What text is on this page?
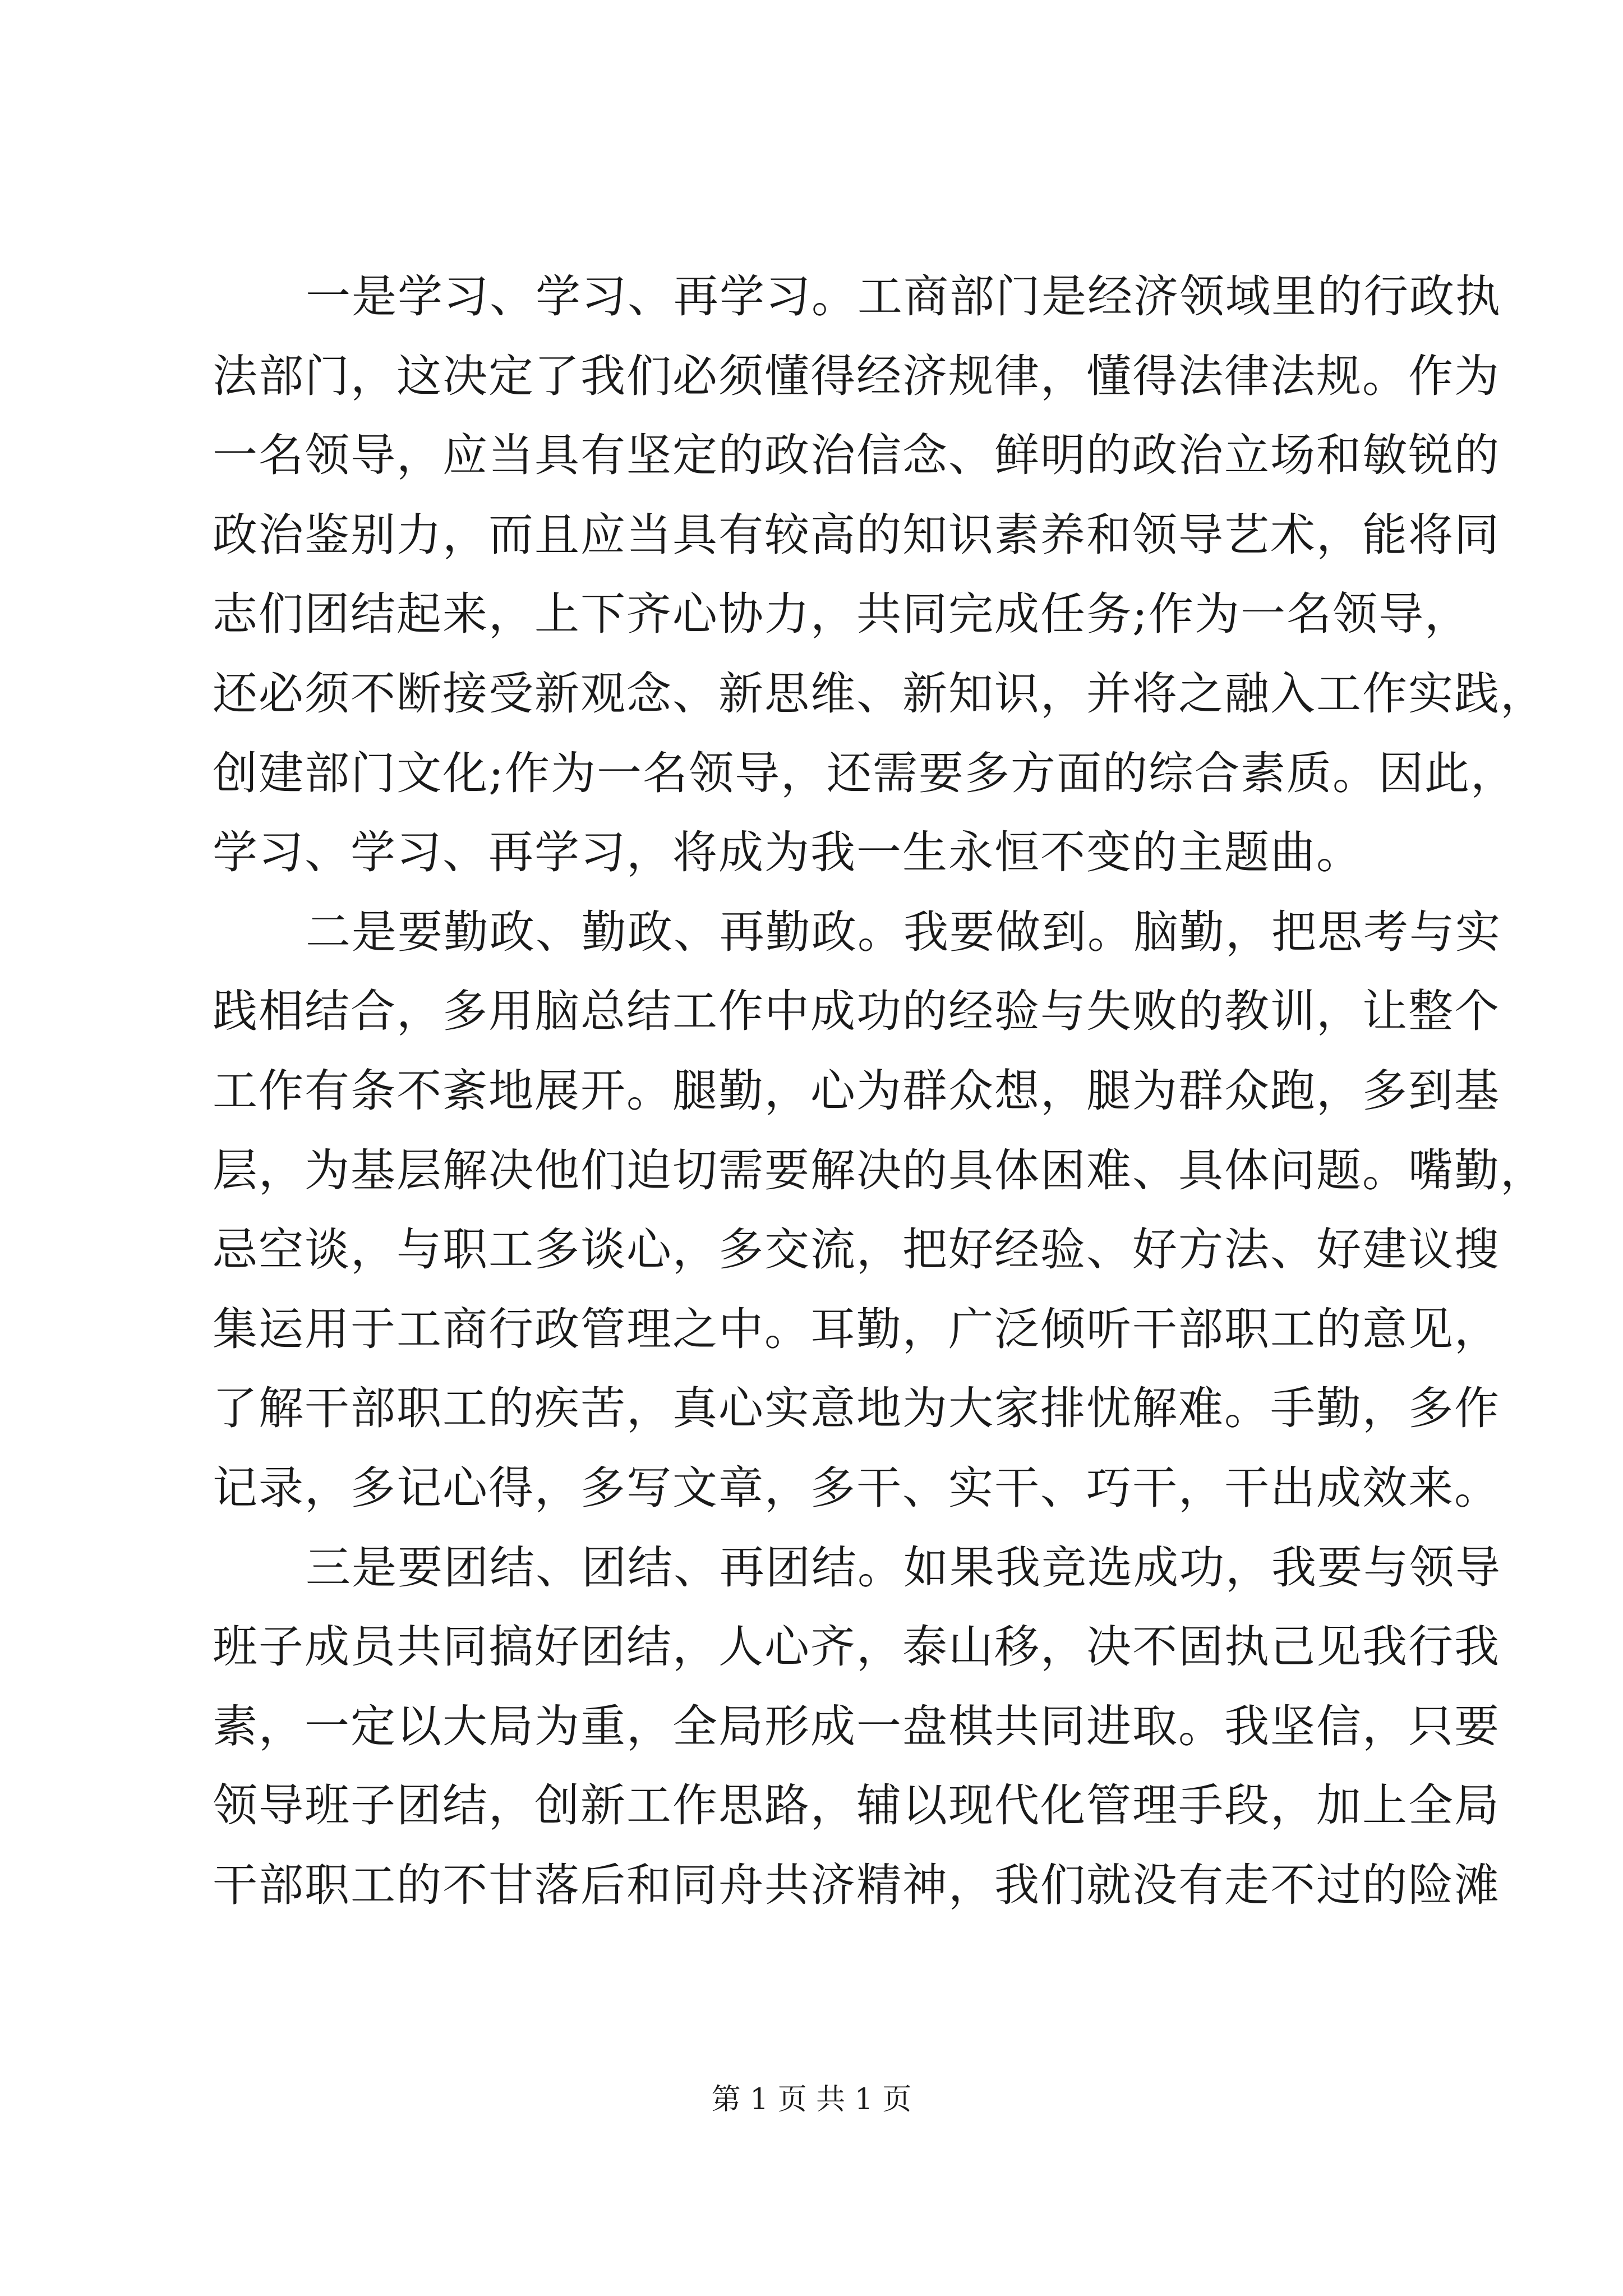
一是学习、学习、再学习。工商部门是经济领域里的行政执
法部门，这决定了我们必须懂得经济规律，懂得法律法规。作为
一名领导，应当具有坚定的政治信念、鲜明的政治立场和敏锐的
政治鉴别力，而且应当具有较高的知识素养和领导艺术，能将同
志们团结起来，上下齐心协力，共同完成任务;作为一名领导，
还必须不断接受新观念、新思维、新知识，并将之融入工作实践，
创建部门文化;作为一名领导，还需要多方面的综合素质。因此，
学习、学习、再学习，将成为我一生永恒不变的主题曲。
二是要勤政、勤政、再勤政。我要做到。脑勤，把思考与实
践相结合，多用脑总结工作中成功的经验与失败的教训，让整个
工作有条不紊地展开。腿勤，心为群众想，腿为群众跑，多到基
层，为基层解决他们迫切需要解决的具体困难、具体问题。嘴勤，
忌空谈，与职工多谈心，多交流，把好经验、好方法、好建议搜
集运用于工商行政管理之中。耳勤，广泛倾听干部职工的意见，
了解干部职工的疾苦，真心实意地为大家排忧解难。手勤，多作
记录，多记心得，多写文章，多干、实干、巧干，干出成效来。
三是要团结、团结、再团结。如果我竞选成功，我要与领导
班子成员共同搞好团结，人心齐，泰山移，决不固执己见我行我
素，一定以大局为重，全局形成一盘棋共同进取。我坚信，只要
领导班子团结，创新工作思路，辅以现代化管理手段，加上全局
干部职工的不甘落后和同舟共济精神，我们就没有走不过的险滩
第 1 页 共 1 页
